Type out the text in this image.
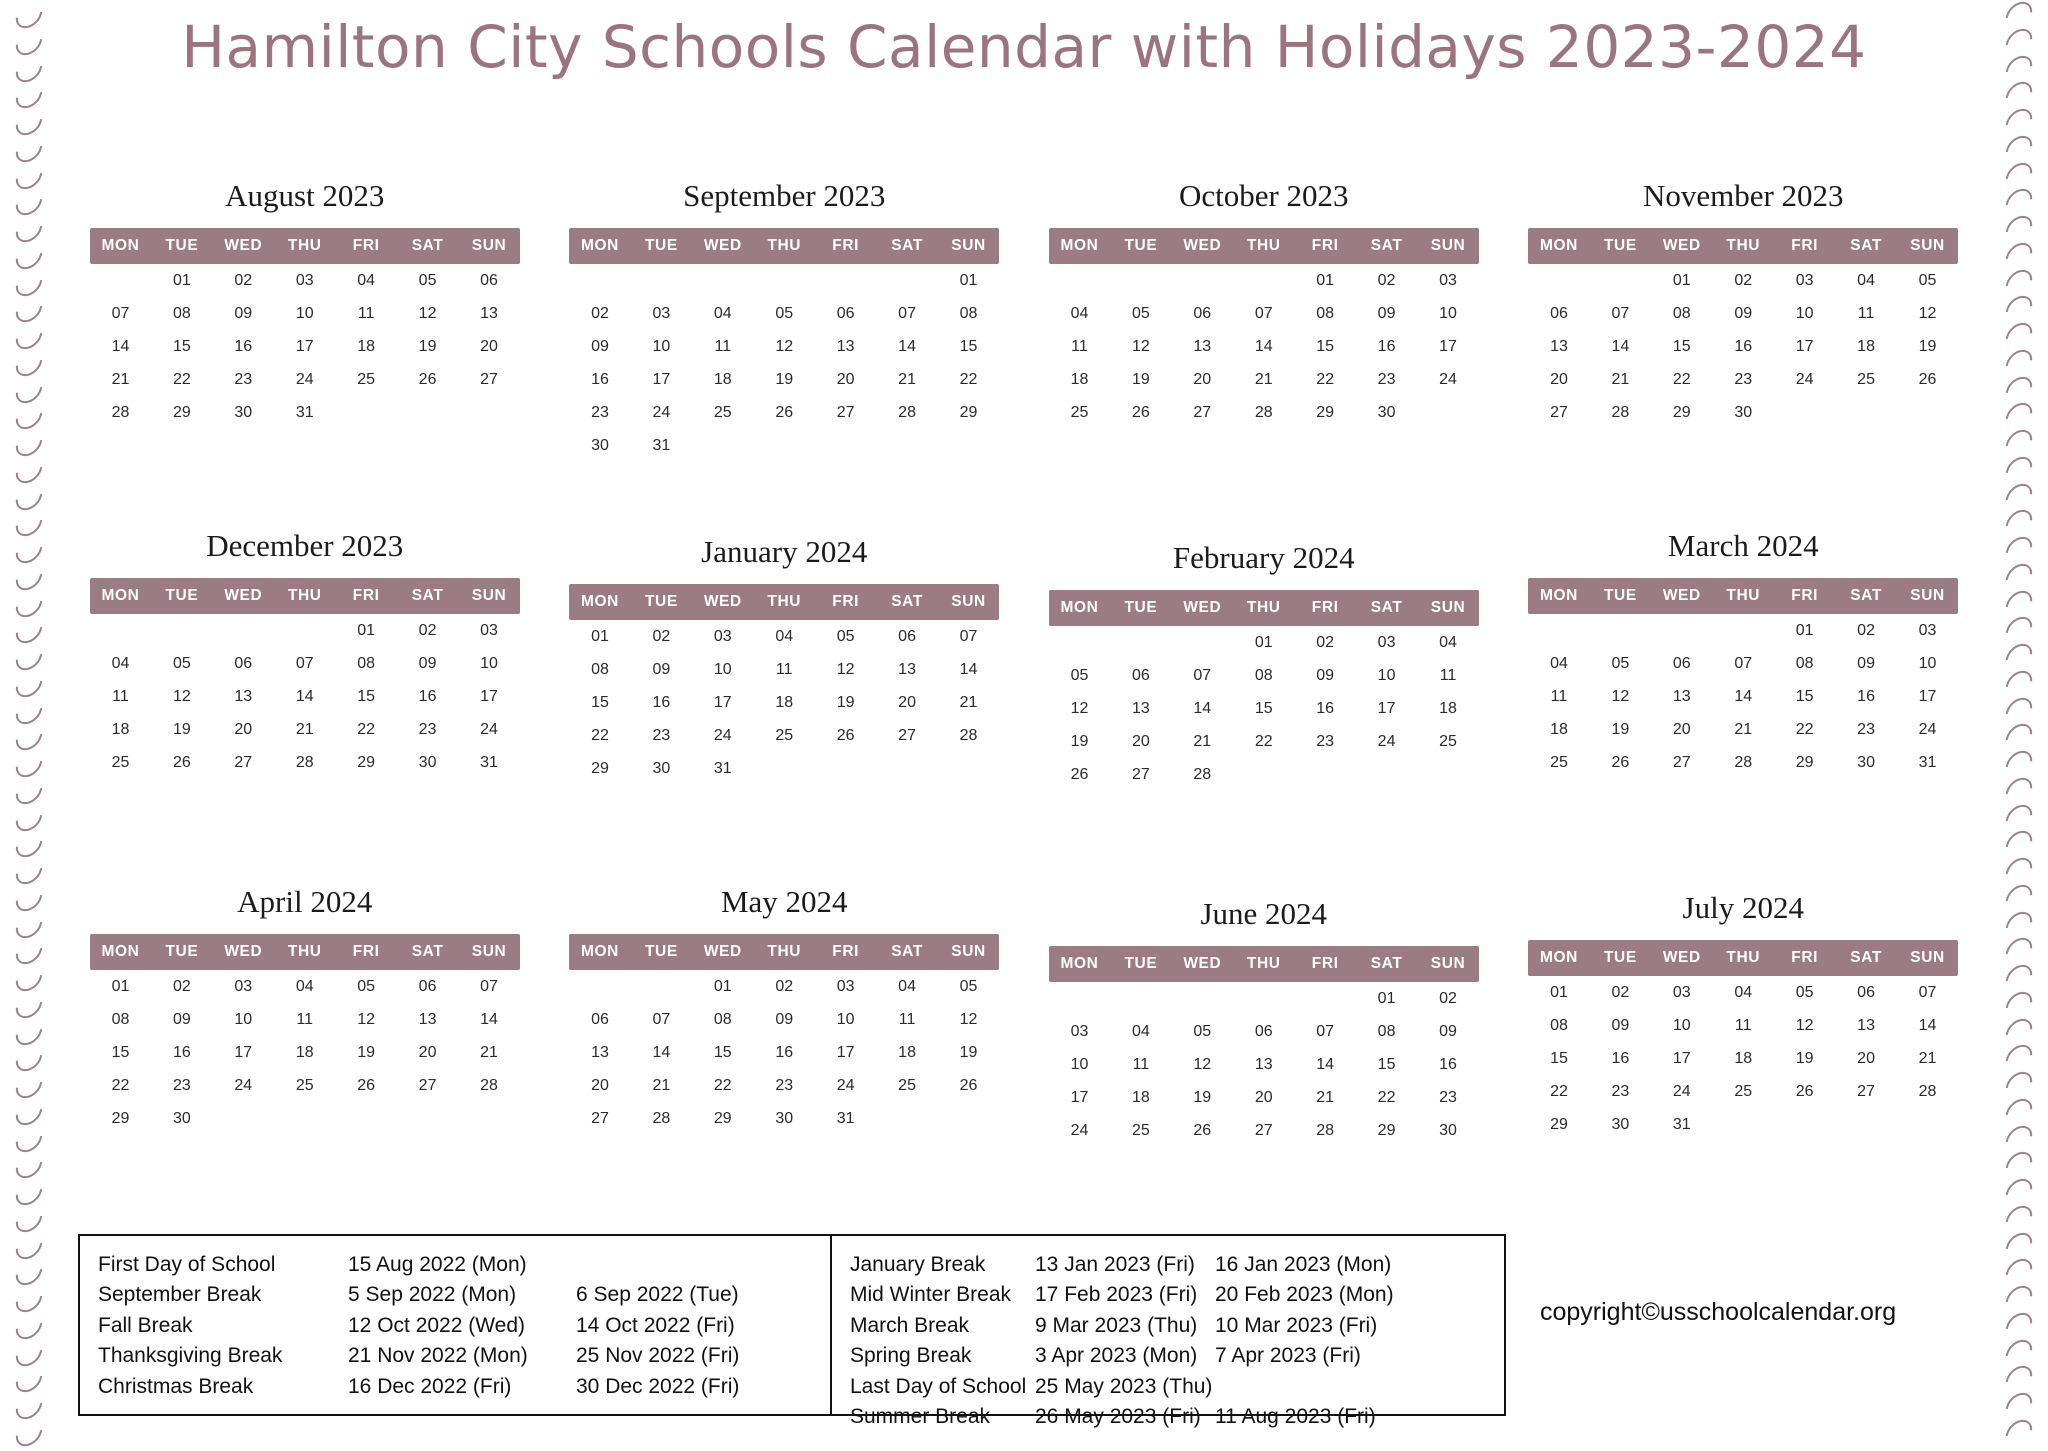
Hamilton City Schools Calendar with Holidays 2023-2024
August 2023
MON	TUE	WED	THU	FRI	SAT	SUN
	01	02	03	04	05	06
07	08	09	10	11	12	13
14	15	16	17	18	19	20
21	22	23	24	25	26	27
28	29	30	31			
September 2023
MON	TUE	WED	THU	FRI	SAT	SUN
						01
02	03	04	05	06	07	08
09	10	11	12	13	14	15
16	17	18	19	20	21	22
23	24	25	26	27	28	29
30	31					
October 2023
MON	TUE	WED	THU	FRI	SAT	SUN
				01	02	03
04	05	06	07	08	09	10
11	12	13	14	15	16	17
18	19	20	21	22	23	24
25	26	27	28	29	30	
November 2023
MON	TUE	WED	THU	FRI	SAT	SUN
		01	02	03	04	05
06	07	08	09	10	11	12
13	14	15	16	17	18	19
20	21	22	23	24	25	26
27	28	29	30			
December 2023
MON	TUE	WED	THU	FRI	SAT	SUN
				01	02	03
04	05	06	07	08	09	10
11	12	13	14	15	16	17
18	19	20	21	22	23	24
25	26	27	28	29	30	31
January 2024
MON	TUE	WED	THU	FRI	SAT	SUN
01	02	03	04	05	06	07
08	09	10	11	12	13	14
15	16	17	18	19	20	21
22	23	24	25	26	27	28
29	30	31				
February 2024
MON	TUE	WED	THU	FRI	SAT	SUN
			01	02	03	04
05	06	07	08	09	10	11
12	13	14	15	16	17	18
19	20	21	22	23	24	25
26	27	28				
March 2024
MON	TUE	WED	THU	FRI	SAT	SUN
				01	02	03
04	05	06	07	08	09	10
11	12	13	14	15	16	17
18	19	20	21	22	23	24
25	26	27	28	29	30	31
April 2024
MON	TUE	WED	THU	FRI	SAT	SUN
01	02	03	04	05	06	07
08	09	10	11	12	13	14
15	16	17	18	19	20	21
22	23	24	25	26	27	28
29	30					
May 2024
MON	TUE	WED	THU	FRI	SAT	SUN
		01	02	03	04	05
06	07	08	09	10	11	12
13	14	15	16	17	18	19
20	21	22	23	24	25	26
27	28	29	30	31		
June 2024
MON	TUE	WED	THU	FRI	SAT	SUN
					01	02
03	04	05	06	07	08	09
10	11	12	13	14	15	16
17	18	19	20	21	22	23
24	25	26	27	28	29	30
July 2024
MON	TUE	WED	THU	FRI	SAT	SUN
01	02	03	04	05	06	07
08	09	10	11	12	13	14
15	16	17	18	19	20	21
22	23	24	25	26	27	28
29	30	31				
First Day of School	15 Aug 2022 (Mon)
September Break	5 Sep 2022 (Mon)	6 Sep 2022 (Tue)
Fall Break	12 Oct 2022 (Wed)	14 Oct 2022 (Fri)
Thanksgiving Break	21 Nov 2022 (Mon)	25 Nov 2022 (Fri)
Christmas Break	16 Dec 2022 (Fri)	30 Dec 2022 (Fri)
January Break	13 Jan 2023 (Fri) 16 Jan 2023 (Mon)
Mid Winter Break	17 Feb 2023 (Fri) 20 Feb 2023 (Mon)
March Break	9 Mar 2023 (Thu) 10 Mar 2023 (Fri)
Spring Break	3 Apr 2023 (Mon) 7 Apr 2023 (Fri)
Last Day of School 25 May 2023 (Thu)
Summer Break	26 May 2023 (Fri) 11 Aug 2023 (Fri)
copyright©usschoolcalendar.org
